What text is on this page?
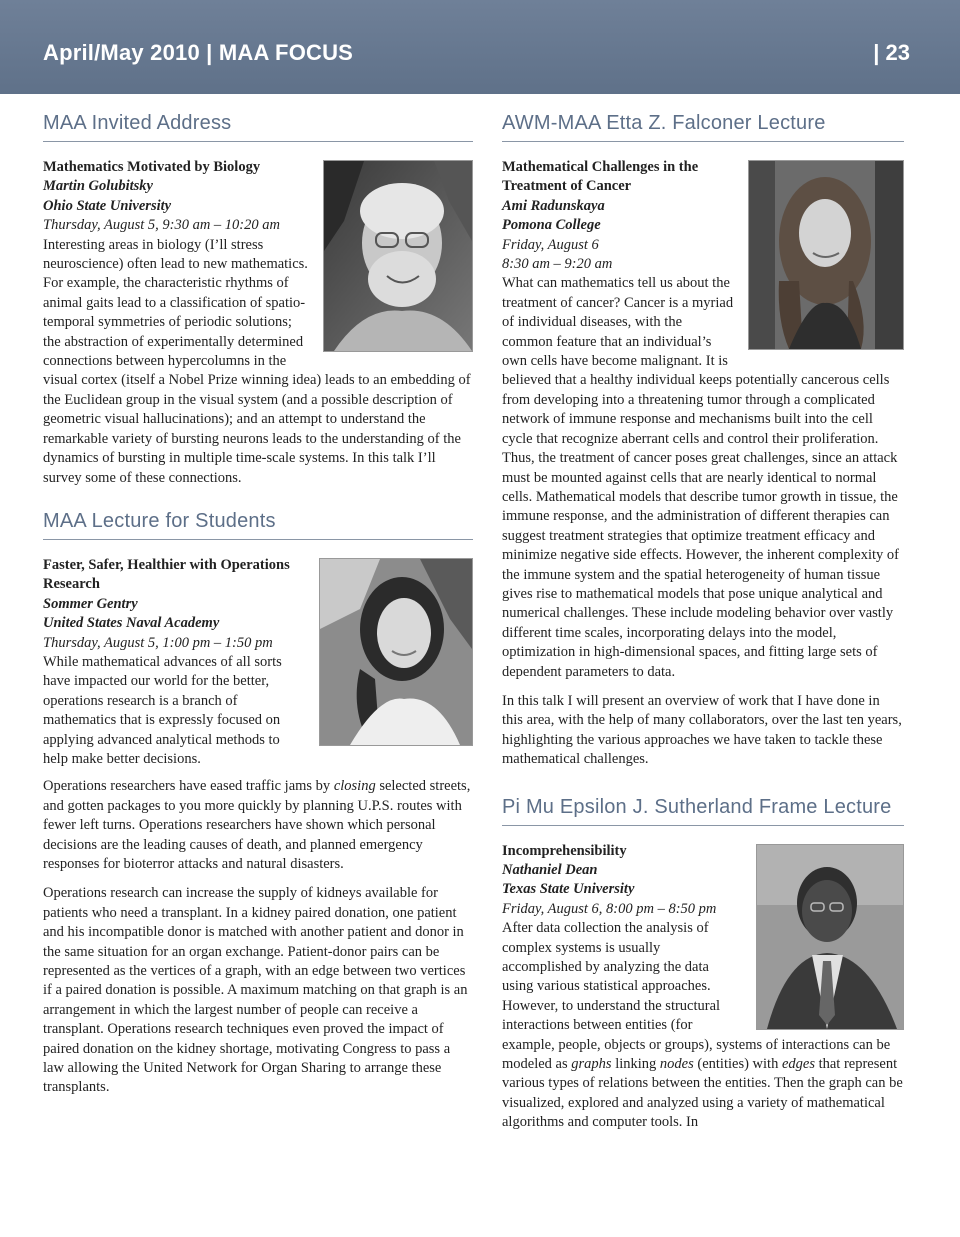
April/May 2010 | MAA FOCUS	| 23
MAA Invited Address

Mathematics Motivated by Biology

Martin Golubitsky

Ohio State University

Thursday, August 5, 9:30 am – 10:20 am

Interesting areas in biology (I’ll stress neuroscience) often lead to new mathematics. For example, the characteristic rhythms of animal gaits lead to a classification of spatio-temporal symmetries of periodic solutions; the abstraction of experimentally determined connections between hypercolumns in the visual cortex (itself a Nobel Prize winning idea) leads to an embedding of the Euclidean group in the visual system (and a possible description of geometric visual hallucinations); and an attempt to understand the remarkable variety of bursting neurons leads to the understanding of the dynamics of bursting in multiple time-scale systems. In this talk I’ll survey some of these connections.

MAA Lecture for Students

Faster, Safer, Healthier with Operations Research

Sommer Gentry

United States Naval Academy

Thursday, August 5, 1:00 pm – 1:50 pm

While mathematical advances of all sorts have impacted our world for the better, operations research is a branch of mathematics that is expressly focused on applying advanced analytical methods to help make better decisions.

Operations researchers have eased traffic jams by closing selected streets, and gotten packages to you more quickly by planning U.P.S. routes with fewer left turns. Operations researchers have shown which personal decisions are the leading causes of death, and planned emergency responses for bioterror attacks and natural disasters.

Operations research can increase the supply of kidneys available for patients who need a transplant. In a kidney paired donation, one patient and his incompatible donor is matched with another patient and donor in the same situation for an organ exchange. Patient-donor pairs can be represented as the vertices of a graph, with an edge between two vertices if a paired donation is possible. A maximum matching on that graph is an arrangement in which the largest number of people can receive a transplant. Operations research techniques even proved the impact of paired donation on the kidney shortage, motivating Congress to pass a law allowing the United Network for Organ Sharing to arrange these transplants.

AWM-MAA Etta Z. Falconer Lecture

Mathematical Challenges in the Treatment of Cancer

Ami Radunskaya

Pomona College

Friday, August 6

8:30 am – 9:20 am

What can mathematics tell us about the treatment of cancer? Cancer is a myriad of individual diseases, with the common feature that an individual’s own cells have become malignant. It is believed that a healthy individual keeps potentially cancerous cells from developing into a threatening tumor through a complicated network of immune response and mechanisms built into the cell cycle that recognize aberrant cells and control their proliferation. Thus, the treatment of cancer poses great challenges, since an attack must be mounted against cells that are nearly identical to normal cells. Mathematical models that describe tumor growth in tissue, the immune response, and the administration of different therapies can suggest treatment strategies that optimize treatment efficacy and minimize negative side effects. However, the inherent complexity of the immune system and the spatial heterogeneity of human tissue gives rise to mathematical models that pose unique analytical and numerical challenges. These include modeling behavior over vastly different time scales, incorporating delays into the model, optimization in high-dimensional spaces, and fitting large sets of dependent parameters to data.

In this talk I will present an overview of work that I have done in this area, with the help of many collaborators, over the last ten years, highlighting the various approaches we have taken to tackle these mathematical challenges.

Pi Mu Epsilon J. Sutherland Frame Lecture

Incomprehensibility

Nathaniel Dean

Texas State University

Friday, August 6, 8:00 pm – 8:50 pm

After data collection the analysis of complex systems is usually accomplished by analyzing the data using various statistical approaches. However, to understand the structural interactions between entities (for example, people, objects or groups), systems of interactions can be modeled as graphs linking nodes (entities) with edges that represent various types of relations between the entities. Then the graph can be visualized, explored and analyzed using a variety of mathematical algorithms and computer tools. In
